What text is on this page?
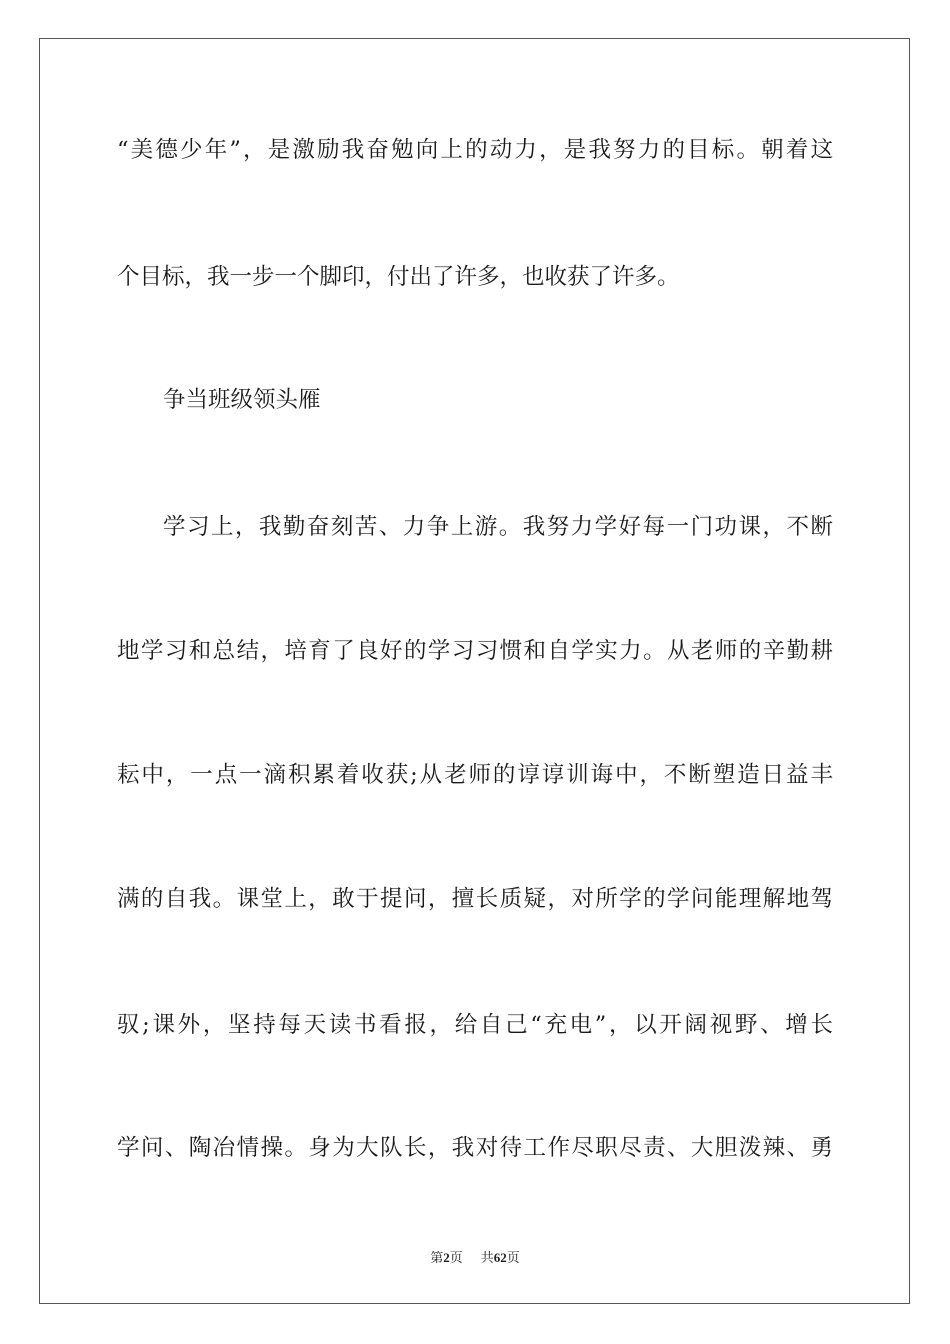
“美德少年”，是激励我奋勉向上的动力，是我努力的目标。朝着这
个目标，我一步一个脚印，付出了许多，也收获了许多。
争当班级领头雁
学习上，我勤奋刻苦、力争上游。我努力学好每一门功课，不断
地学习和总结，培育了良好的学习习惯和自学实力。从老师的辛勤耕
耘中，一点一滴积累着收获;从老师的谆谆训诲中，不断塑造日益丰
满的自我。课堂上，敢于提问，擅长质疑，对所学的学问能理解地驾
驭;课外，坚持每天读书看报，给自己“充电”，以开阔视野、增长
学问、陶冶情操。身为大队长，我对待工作尽职尽责、大胆泼辣、勇
第2页 共62页
